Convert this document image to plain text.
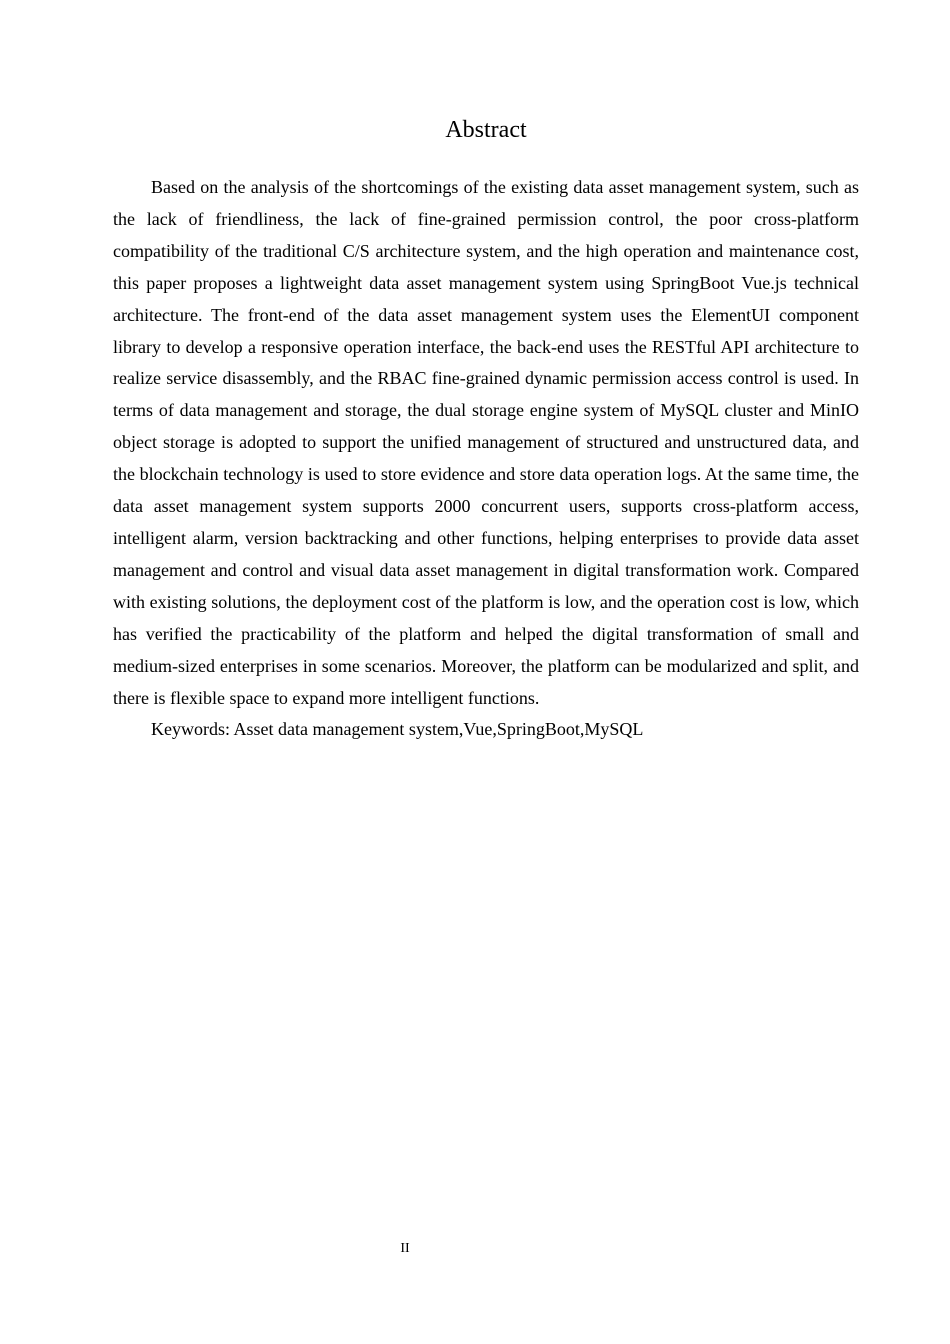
Abstract

Based on the analysis of the shortcomings of the existing data asset management system, such as the lack of friendliness, the lack of fine-grained permission control, the poor cross-platform compatibility of the traditional C/S architecture system, and the high operation and maintenance cost, this paper proposes a lightweight data asset management system using SpringBoot Vue.js technical architecture. The front-end of the data asset management system uses the ElementUI component library to develop a responsive operation interface, the back-end uses the RESTful API architecture to realize service disassembly, and the RBAC fine-grained dynamic permission access control is used. In terms of data management and storage, the dual storage engine system of MySQL cluster and MinIO object storage is adopted to support the unified management of structured and unstructured data, and the blockchain technology is used to store evidence and store data operation logs. At the same time, the data asset management system supports 2000 concurrent users, supports cross-platform access, intelligent alarm, version backtracking and other functions, helping enterprises to provide data asset management and control and visual data asset management in digital transformation work. Compared with existing solutions, the deployment cost of the platform is low, and the operation cost is low, which has verified the practicability of the platform and helped the digital transformation of small and medium-sized enterprises in some scenarios. Moreover, the platform can be modularized and split, and there is flexible space to expand more intelligent functions.

Keywords: Asset data management system,Vue,SpringBoot,MySQL

II
